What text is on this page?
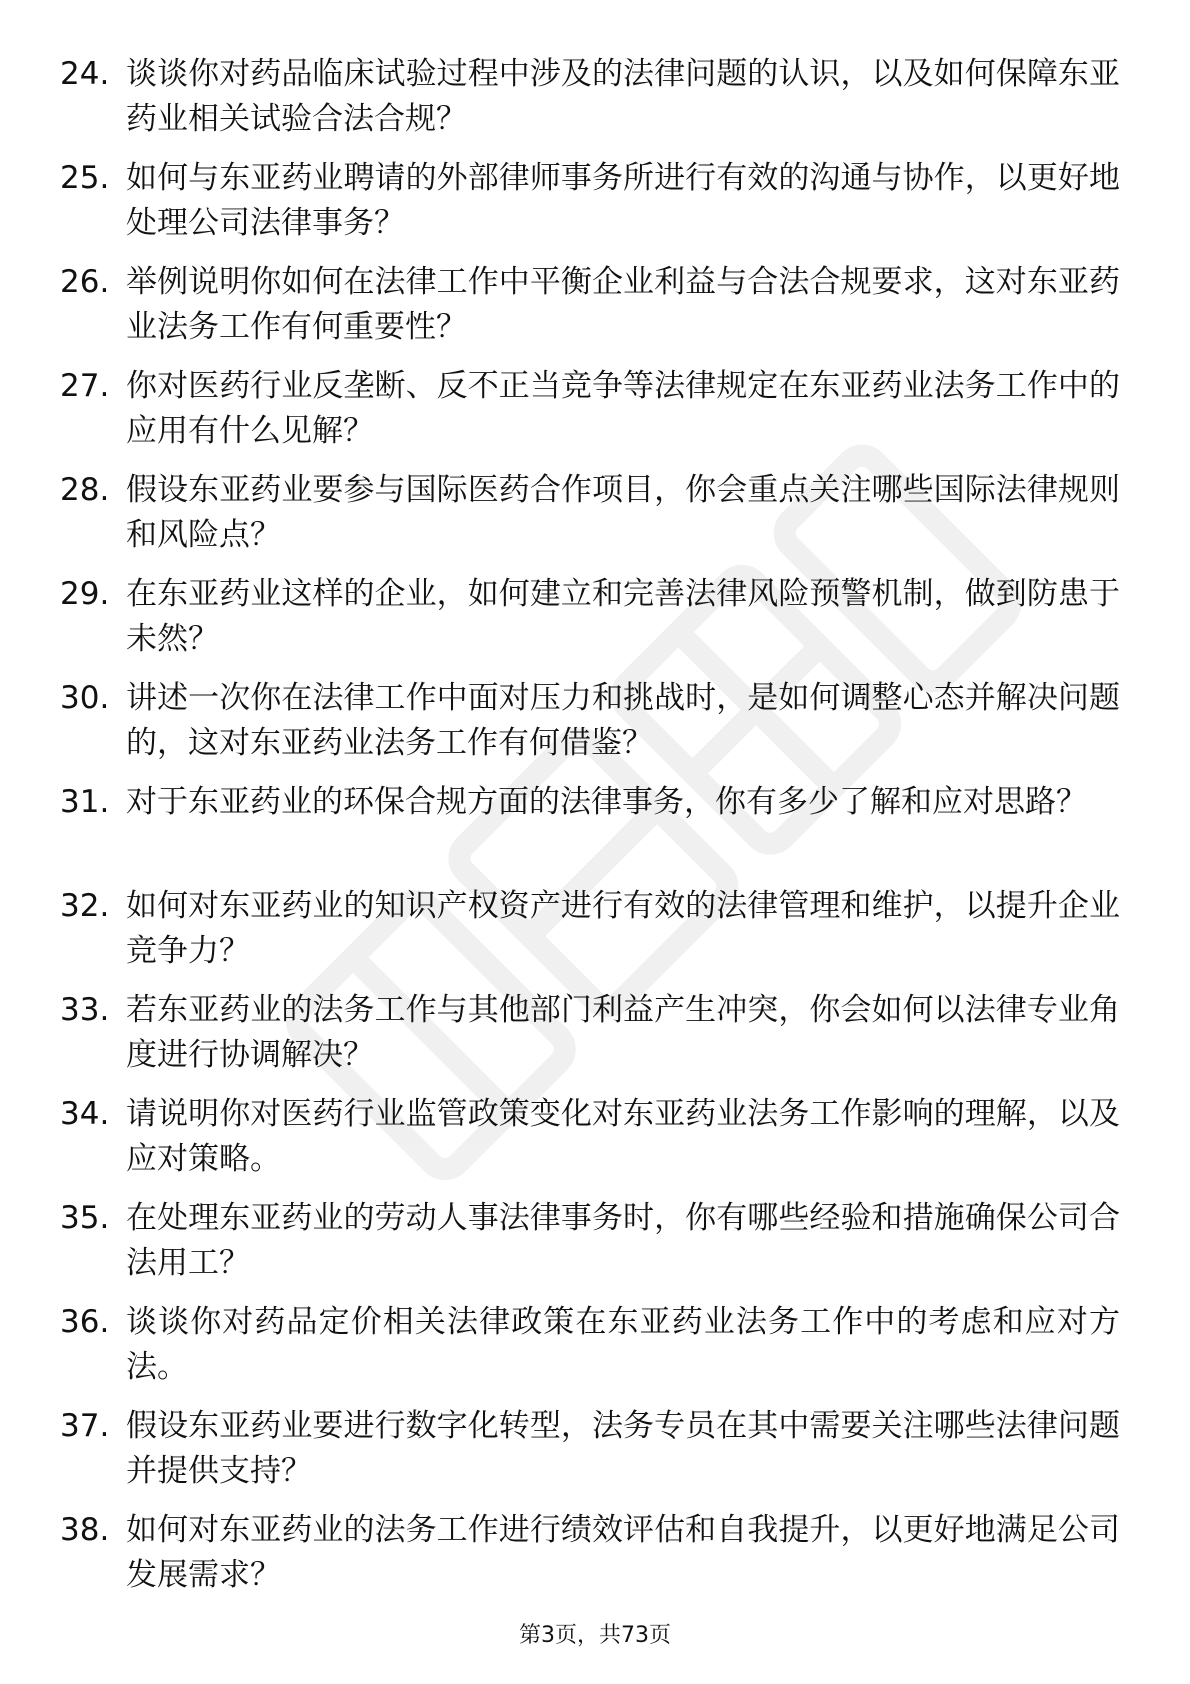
24. 谈谈你对药品临床试验过程中涉及的法律问题的认识，以及如何保障东亚药业相关试验合法合规？
25. 如何与东亚药业聘请的外部律师事务所进行有效的沟通与协作，以更好地处理公司法律事务？
26. 举例说明你如何在法律工作中平衡企业利益与合法合规要求，这对东亚药业法务工作有何重要性？
27. 你对医药行业反垄断、反不正当竞争等法律规定在东亚药业法务工作中的应用有什么见解？
28. 假设东亚药业要参与国际医药合作项目，你会重点关注哪些国际法律规则和风险点？
29. 在东亚药业这样的企业，如何建立和完善法律风险预警机制，做到防患于未然？
30. 讲述一次你在法律工作中面对压力和挑战时，是如何调整心态并解决问题的，这对东亚药业法务工作有何借鉴？
31. 对于东亚药业的环保合规方面的法律事务，你有多少了解和应对思路？
32. 如何对东亚药业的知识产权资产进行有效的法律管理和维护，以提升企业竞争力？
33. 若东亚药业的法务工作与其他部门利益产生冲突，你会如何以法律专业角度进行协调解决？
34. 请说明你对医药行业监管政策变化对东亚药业法务工作影响的理解，以及应对策略。
35. 在处理东亚药业的劳动人事法律事务时，你有哪些经验和措施确保公司合法用工？
36. 谈谈你对药品定价相关法律政策在东亚药业法务工作中的考虑和应对方法。
37. 假设东亚药业要进行数字化转型，法务专员在其中需要关注哪些法律问题并提供支持？
38. 如何对东亚药业的法务工作进行绩效评估和自我提升，以更好地满足公司发展需求？
第3页，共73页
